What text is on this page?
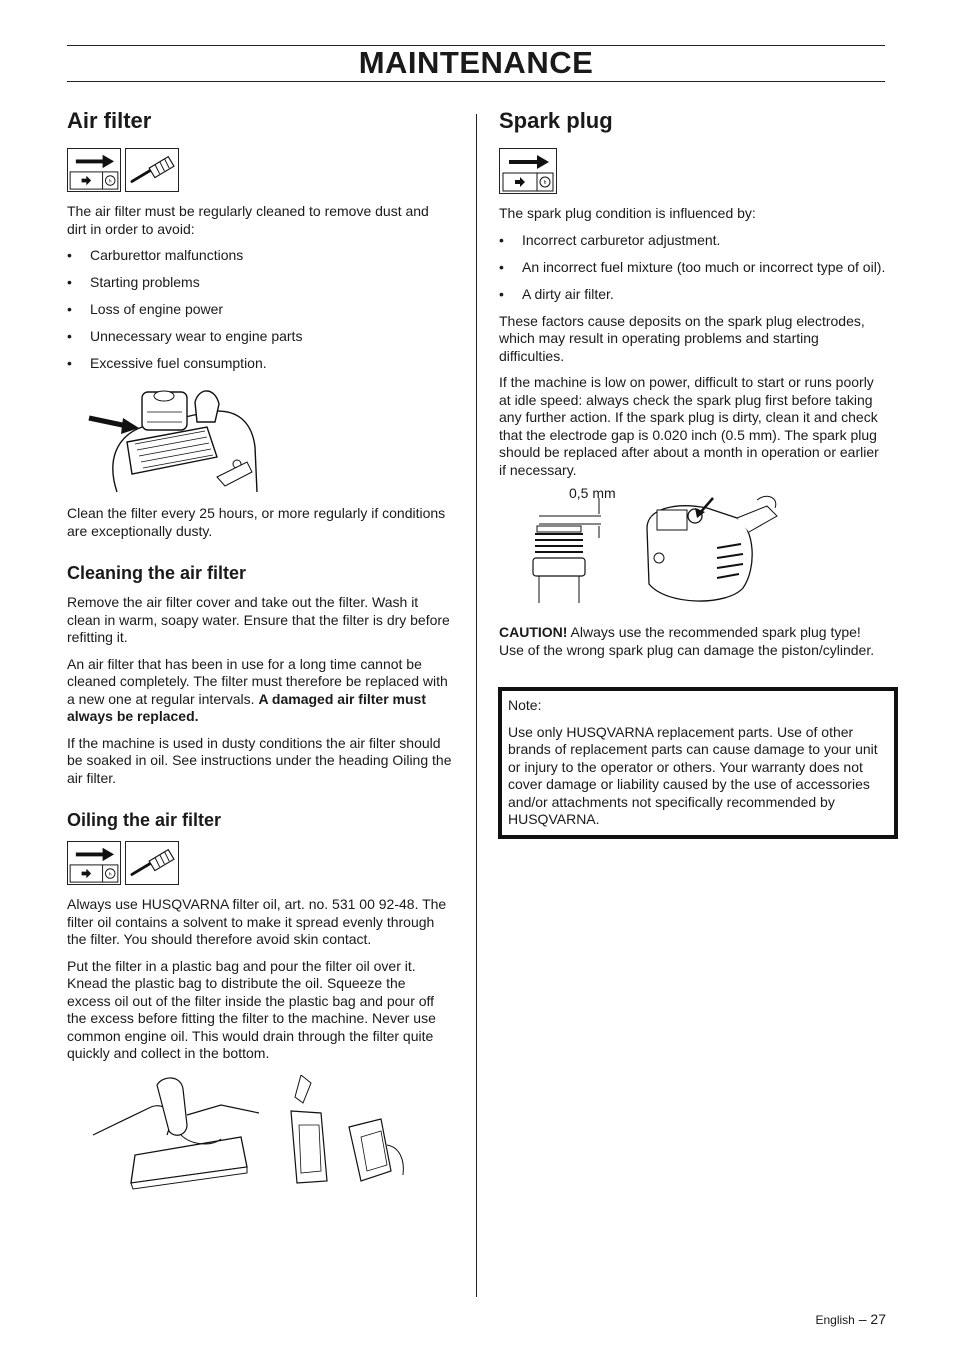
MAINTENANCE
Air filter
h

The air filter must be regularly cleaned to remove dust and dirt in order to avoid:

• Carburettor malfunctions
• Starting problems
• Loss of engine power
• Unnecessary wear to engine parts
• Excessive fuel consumption.

Clean the filter every 25 hours, or more regularly if conditions are exceptionally dusty.

Cleaning the air filter

Remove the air filter cover and take out the filter. Wash it clean in warm, soapy water. Ensure that the filter is dry before refitting it.

An air filter that has been in use for a long time cannot be cleaned completely. The filter must therefore be replaced with a new one at regular intervals. A damaged air filter must always be replaced.

If the machine is used in dusty conditions the air filter should be soaked in oil. See instructions under the heading Oiling the air filter.

Oiling the air filter
h

Always use HUSQVARNA filter oil, art. no. 531 00 92-48. The filter oil contains a solvent to make it spread evenly through the filter. You should therefore avoid skin contact.

Put the filter in a plastic bag and pour the filter oil over it. Knead the plastic bag to distribute the oil. Squeeze the excess oil out of the filter inside the plastic bag and pour off the excess before fitting the filter to the machine. Never use common engine oil. This would drain through the filter quite quickly and collect in the bottom.

Spark plug
h

The spark plug condition is influenced by:

• Incorrect carburetor adjustment.
• An incorrect fuel mixture (too much or incorrect type of oil).
• A dirty air filter.

These factors cause deposits on the spark plug electrodes, which may result in operating problems and starting difficulties.

If the machine is low on power, difficult to start or runs poorly at idle speed: always check the spark plug first before taking any further action. If the spark plug is dirty, clean it and check that the electrode gap is 0.020 inch (0.5 mm). The spark plug should be replaced after about a month in operation or earlier if necessary.

0,5 mm

CAUTION! Always use the recommended spark plug type! Use of the wrong spark plug can damage the piston/cylinder.

Note:

Use only HUSQVARNA replacement parts. Use of other brands of replacement parts can cause damage to your unit or injury to the operator or others. Your warranty does not cover damage or liability caused by the use of accessories and/or attachments not specifically recommended by HUSQVARNA.

English – 27
